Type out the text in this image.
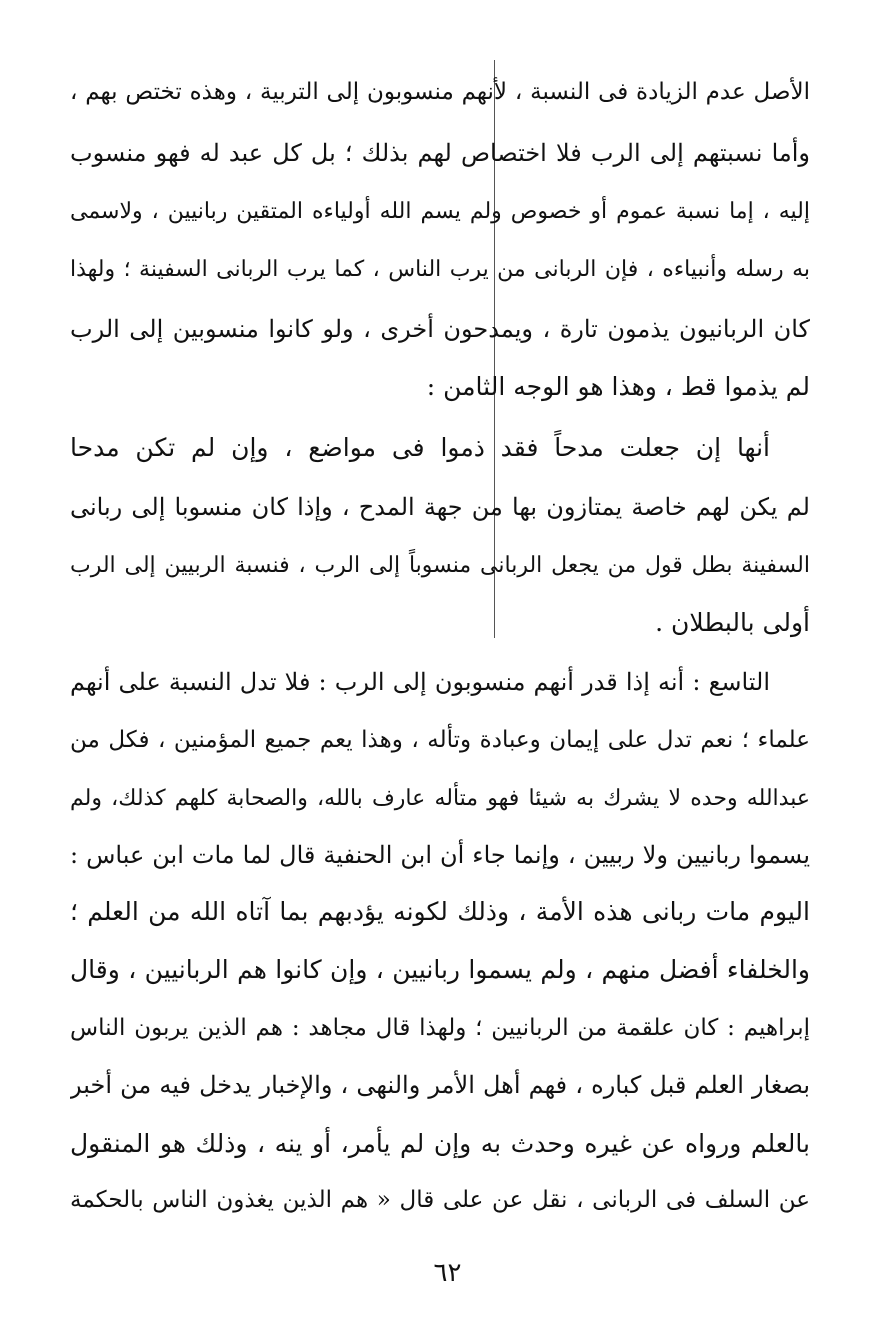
الأصل عدم الزيادة فى النسبة ، لأنهم منسوبون إلى التربية ، وهذه تختص بهم ،
وأما نسبتهم إلى الرب فلا اختصاص لهم بذلك ؛ بل كل عبد له فهو منسوب
إليه ، إما نسبة عموم أو خصوص ولم يسم الله أولياءه المتقين ربانيين ، ولاسمى
به رسله وأنبياءه ، فإن الربانى من يرب الناس ، كما يرب الربانى السفينة ؛ ولهذا
كان الربانيون يذمون تارة ، ويمدحون أخرى ، ولو كانوا منسوبين إلى الرب
لم يذموا قط ، وهذا هو الوجه الثامن :
أنها إن جعلت مدحاً فقد ذموا فى مواضع ، وإن لم تكن مدحا
لم يكن لهم خاصة يمتازون بها من جهة المدح ، وإذا كان منسوبا إلى ربانى
السفينة بطل قول من يجعل الربانى منسوباً إلى الرب ، فنسبة الربيين إلى الرب
أولى بالبطلان .
التاسع : أنه إذا قدر أنهم منسوبون إلى الرب : فلا تدل النسبة على أنهم
علماء ؛ نعم تدل على إيمان وعبادة وتأله ، وهذا يعم جميع المؤمنين ، فكل من
عبدالله وحده لا يشرك به شيئا فهو متأله عارف بالله، والصحابة كلهم كذلك، ولم
يسموا ربانيين ولا ربيين ، وإنما جاء أن ابن الحنفية قال لما مات ابن عباس :
اليوم مات ربانى هذه الأمة ، وذلك لكونه يؤدبهم بما آتاه الله من العلم ؛
والخلفاء أفضل منهم ، ولم يسموا ربانيين ، وإن كانوا هم الربانيين ، وقال
إبراهيم : كان علقمة من الربانيين ؛ ولهذا قال مجاهد : هم الذين يربون الناس
بصغار العلم قبل كباره ، فهم أهل الأمر والنهى ، والإخبار يدخل فيه من أخبر
بالعلم ورواه عن غيره وحدث به وإن لم يأمر، أو ينه ، وذلك هو المنقول
عن السلف فى الربانى ، نقل عن على قال « هم الذين يغذون الناس بالحكمة
٦٢
